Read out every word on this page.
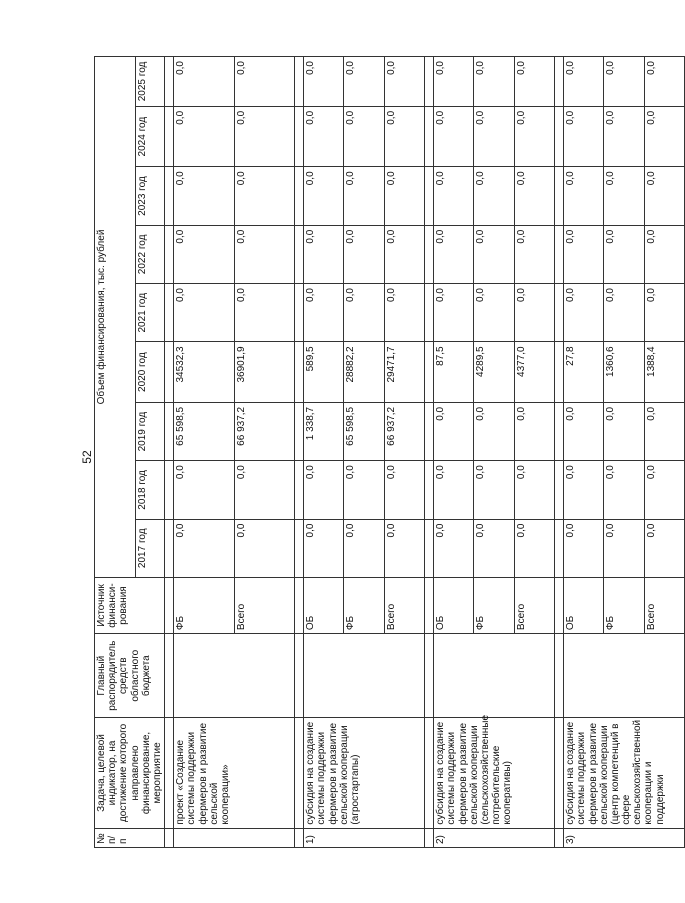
52
№ п/п	Задача, целевой индикатор, на достижение которого направлено финансирование, мероприятие	Главный распорядитель средств областного бюджета	Источник финанси-рования	Объем финансирования, тыс. рублей								
				2017 год	2018 год	2019 год	2020 год	2021 год	2022 год	2023 год	2024 год	2025 год

	проект «Создание системы поддержки фермеров и развитие сельской кооперации»		ФБ	0,0	0,0	65 598,5	34532,3	0,0	0,0	0,0	0,0	0,0
			Всего	0,0	0,0	66 937,2	36901,9	0,0	0,0	0,0	0,0	0,0

1)	субсидия на создание системы поддержки фермеров и развитие сельской кооперации (агростартапы)		ОБ	0,0	0,0	1 338,7	589,5	0,0	0,0	0,0	0,0	0,0
			ФБ	0,0	0,0	65 598,5	28882,2	0,0	0,0	0,0	0,0	0,0
			Всего	0,0	0,0	66 937,2	29471,7	0,0	0,0	0,0	0,0	0,0

2)	субсидия на создание системы поддержки фермеров и развитие сельской кооперации (сельскохозяйственные потребительские кооперативы)		ОБ	0,0	0,0	0,0	87,5	0,0	0,0	0,0	0,0	0,0
			ФБ	0,0	0,0	0,0	4289,5	0,0	0,0	0,0	0,0	0,0
			Всего	0,0	0,0	0,0	4377,0	0,0	0,0	0,0	0,0	0,0

3)	субсидия на создание системы поддержки фермеров и развитие сельской кооперации (центр компетенций в сфере сельскохозяйственной кооперации и поддержки		ОБ	0,0	0,0	0,0	27,8	0,0	0,0	0,0	0,0	0,0
			ФБ	0,0	0,0	0,0	1360,6	0,0	0,0	0,0	0,0	0,0
			Всего	0,0	0,0	0,0	1388,4	0,0	0,0	0,0	0,0	0,0
